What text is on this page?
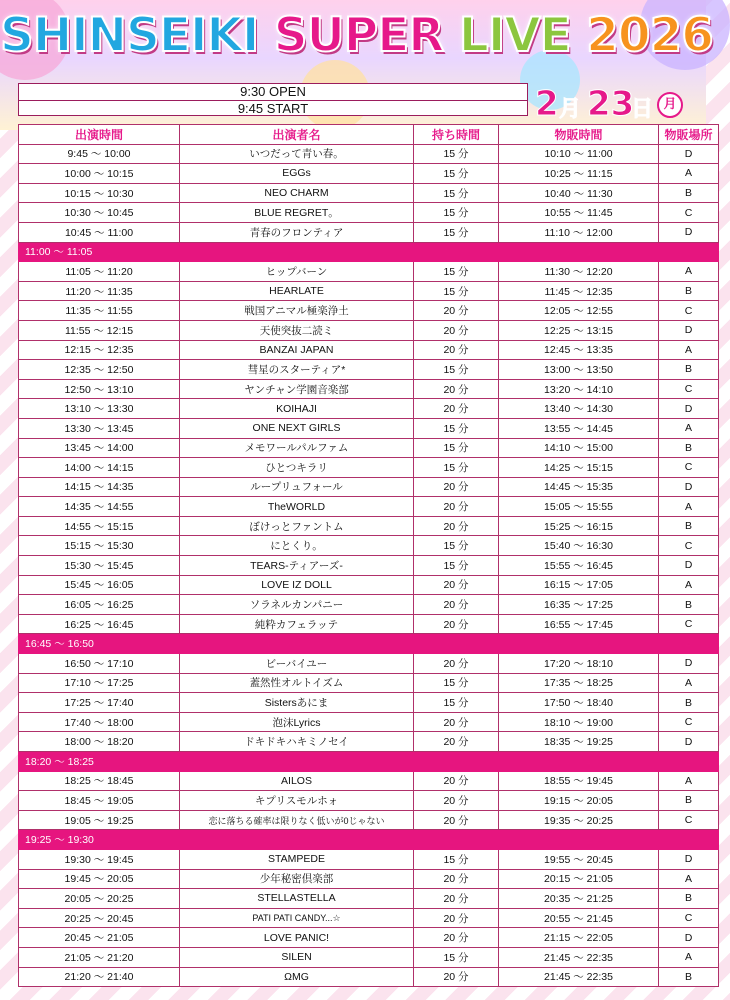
SHINSEIKI SUPER LIVE 2026
9:30 OPEN
9:45 START	2 月 23
日 月
出演時間	出演者名	持ち時間	物販時間	物販場所
9:45 ～ 10:00	いつだって青い春。	15 分	10:10 ～ 11:00	D
10:00 ～ 10:15	EGGs	15 分	10:25 ～ 11:15	A
10:15 ～ 10:30	NEO CHARM	15 分	10:40 ～ 11:30	B
10:30 ～ 10:45	BLUE REGRET。	15 分	10:55 ～ 11:45	C
10:45 ～ 11:00	青春のフロンティア	15 分	11:10 ～ 12:00	D
11:00 ～ 11:05				
11:05 ～ 11:20	ヒップバーン	15 分	11:30 ～ 12:20	A
11:20 ～ 11:35	HEARLATE	15 分	11:45 ～ 12:35	B
11:35 ～ 11:55	戦国アニマル極楽浄土	20 分	12:05 ～ 12:55	C
11:55 ～ 12:15	天使突抜二読ミ	20 分	12:25 ～ 13:15	D
12:15 ～ 12:35	BANZAI JAPAN	20 分	12:45 ～ 13:35	A
12:35 ～ 12:50	彗星のスターティア*	15 分	13:00 ～ 13:50	B
12:50 ～ 13:10	ヤンチャン学園音楽部	20 分	13:20 ～ 14:10	C
13:10 ～ 13:30	KOIHAJI	20 分	13:40 ～ 14:30	D
13:30 ～ 13:45	ONE NEXT GIRLS	15 分	13:55 ～ 14:45	A
13:45 ～ 14:00	メモワールパルファム	15 分	14:10 ～ 15:00	B
14:00 ～ 14:15	ひとつキラリ	15 分	14:25 ～ 15:15	C
14:15 ～ 14:35	ループリュフォール	20 分	14:45 ～ 15:35	D
14:35 ～ 14:55	TheWORLD	20 分	15:05 ～ 15:55	A
14:55 ～ 15:15	ぼけっとファントム	20 分	15:25 ～ 16:15	B
15:15 ～ 15:30	にとくり。	15 分	15:40 ～ 16:30	C
15:30 ～ 15:45	TEARS-ティアーズ-	15 分	15:55 ～ 16:45	D
15:45 ～ 16:05	LOVE IZ DOLL	20 分	16:15 ～ 17:05	A
16:05 ～ 16:25	ソラネルカンパニー	20 分	16:35 ～ 17:25	B
16:25 ～ 16:45	純粋カフェラッテ	20 分	16:55 ～ 17:45	C
16:45 ～ 16:50				
16:50 ～ 17:10	ビーバイユー	20 分	17:20 ～ 18:10	D
17:10 ～ 17:25	蓋然性オルトイズム	15 分	17:35 ～ 18:25	A
17:25 ～ 17:40	Sistersあにま	15 分	17:50 ～ 18:40	B
17:40 ～ 18:00	泡沫Lyrics	20 分	18:10 ～ 19:00	C
18:00 ～ 18:20	ドキドキハキミノセイ	20 分	18:35 ～ 19:25	D
18:20 ～ 18:25				
18:25 ～ 18:45	AILOS	20 分	18:55 ～ 19:45	A
18:45 ～ 19:05	キプリスモルホォ	20 分	19:15 ～ 20:05	B
19:05 ～ 19:25	恋に落ちる確率は限りなく低いが0じゃない	20 分	19:35 ～ 20:25	C
19:25 ～ 19:30				
19:30 ～ 19:45	STAMPEDE	15 分	19:55 ～ 20:45	D
19:45 ～ 20:05	少年秘密倶楽部	20 分	20:15 ～ 21:05	A
20:05 ～ 20:25	STELLASTELLA	20 分	20:35 ～ 21:25	B
20:25 ～ 20:45	PATI PATI CANDY...☆	20 分	20:55 ～ 21:45	C
20:45 ～ 21:05	LOVE PANIC!	20 分	21:15 ～ 22:05	D
21:05 ～ 21:20	SILEN	15 分	21:45 ～ 22:35	A
21:20 ～ 21:40	ΩMG	20 分	21:45 ～ 22:35	B
